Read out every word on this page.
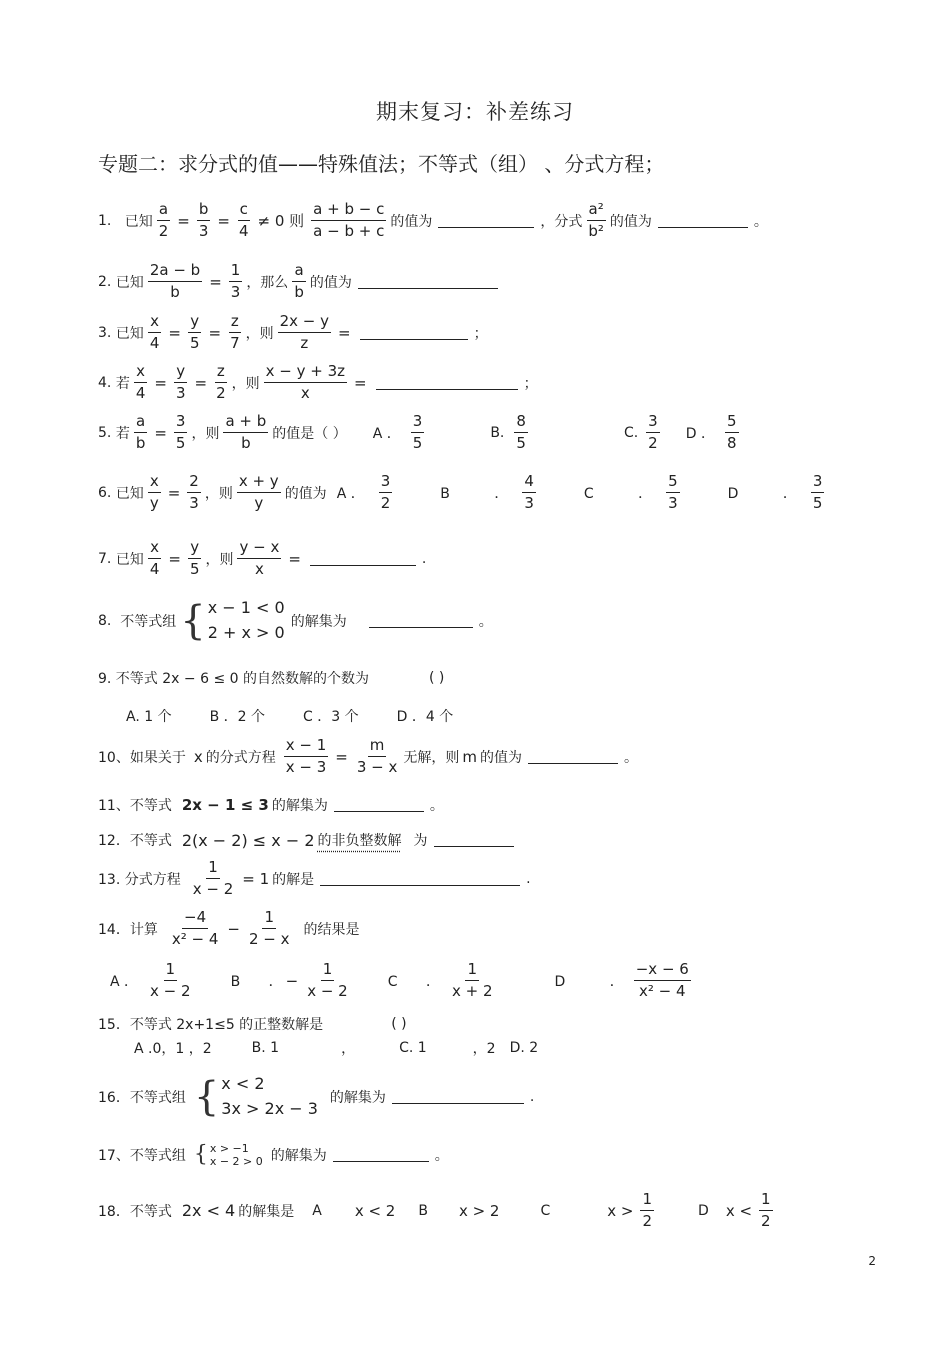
期末复习：补差练习
专题二：求分式的值——特殊值法；不等式（组） 、分式方程；
1.
已知 $\frac{a}{2} = \frac{b}{3} = \frac{c}{4} \ne 0$ 则 $\frac{a + b - c}{a - b + c}$ 的值为	，分式 $\frac{\text{a²}}{\text{b²}}$ 的值为	。
2.
已知 $\frac{2a - b}{b} = \frac{1}{3}$ ，那么 $\frac{a}{b}$ 的值为
3.
已知 $\frac{x}{4} = \frac{y}{5} = \frac{z}{7}$ ，则 $\frac{2x - y}{z}$ =	；
4.
若 $\frac{x}{4} = \frac{y}{3} = \frac{z}{2}$ ，则 $\frac{x - y + 3z}{x}$ =	；
5.
若 $\frac{a}{b} = \frac{3}{5}$ ，则 $\frac{a + b}{b}$ 的值是（ ） A ． $\frac{3}{5}$	B. $\frac{8}{5}$	C. $\frac{3}{2}$ D ． $\frac{5}{8}$
6.
已知 $\frac{x}{y} = \frac{2}{3}$ ，则 $\frac{x + y}{y}$ 的值为 A ． $\frac{3}{2}$	B ． $\frac{4}{3}$	C ． $\frac{5}{3}$	D ． $\frac{3}{5}$
7.
已知 $\frac{x}{4} = \frac{y}{5}$ ，则 $\frac{y - x}{x}$ =	.
8.
不等式组 { x − 1 < 0
2 + x > 0
的解集为	。
9. 不等式 2x − 6 ≤ 0 的自然数解的个数为	( )
A. 1 个	B ．2 个	C ．3 个	D ．4 个
10、如果关于 x 的分式方程 $\frac{x - 1}{x - 3} = \frac{m}{3 - x}$ 无解，则 m 的值为	。
11、不等式 2x − 1 ≤ 3 的解集为	。
12．不等式 2(x − 2) ≤ x − 2 的非负整数解 为
13. 分式方程 $\frac{1}{x - 2} = 1$ 的解是	.
14．计算 $\frac{-4}{\text{x² − 4}} - \frac{1}{2 - x}$ 的结果是
A ． $\frac{1}{x - 2}$	B ． − $\frac{1}{x - 2}$	C ． $\frac{1}{x + 2}$	D ． $\frac{-x - 6}{\text{x² − 4}}$
15．不等式 2x+1≤5 的正整数解是	( )
A .0，1 ，2	B. 1	，	C. 1	，2 D. 2
16．不等式组 { x < 2
3x > 2x − 3
的解集为	.
17、不等式组 { x > −1
x − 2 > 0 的解集为	。
18．不等式 2x < 4 的解集是 A x < 2 B x > 2	C	$x > \frac{1}{2}$	D $x < \frac{1}{2}$
2
